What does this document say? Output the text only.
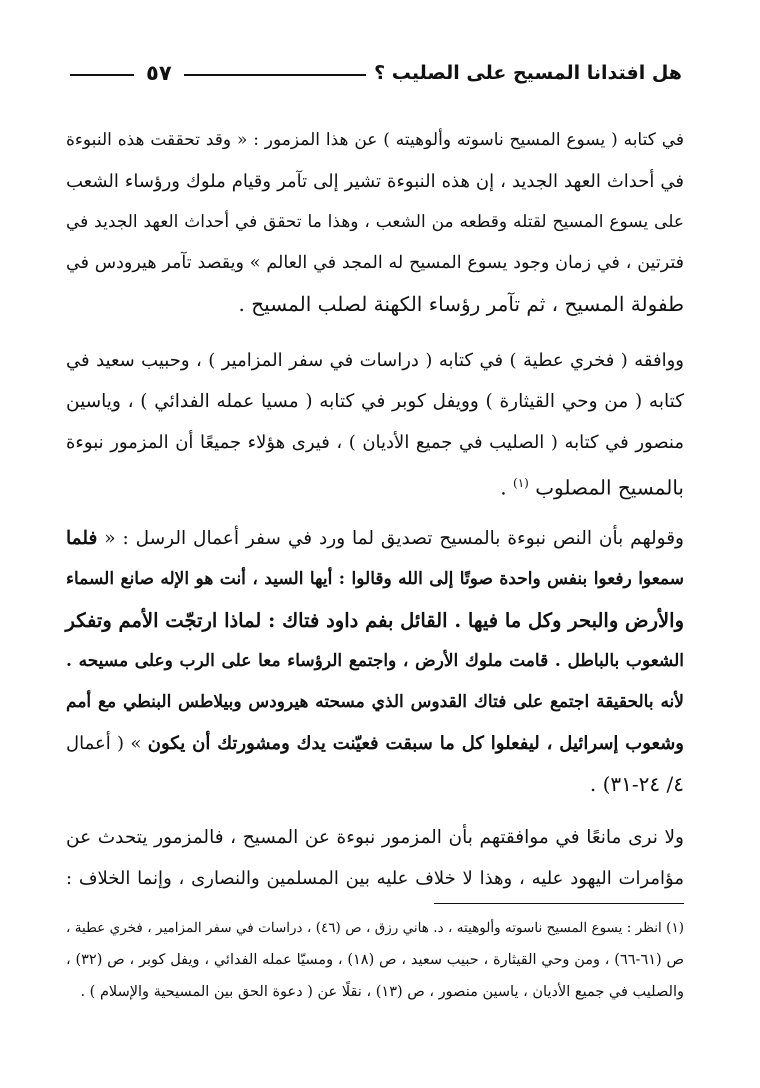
هل افتدانا المسيح على الصليب ؟
٥٧

في كتابه ( يسوع المسيح ناسوته وألوهيته ) عن هذا المزمور : « وقد تحققت هذه النبوءة
في أحداث العهد الجديد ، إن هذه النبوءة تشير إلى تآمر وقيام ملوك ورؤساء الشعب
على يسوع المسيح لقتله وقطعه من الشعب ، وهذا ما تحقق في أحداث العهد الجديد في
فترتين ، في زمان وجود يسوع المسيح له المجد في العالم » ويقصد تآمر هيرودس في
طفولة المسيح ، ثم تآمر رؤساء الكهنة لصلب المسيح .

ووافقه ( فخري عطية ) في كتابه ( دراسات في سفر المزامير ) ، وحبيب سعيد في
كتابه ( من وحي القيثارة ) وويفل كوبر في كتابه ( مسيا عمله الفدائي ) ، وياسين
منصور في كتابه ( الصليب في جميع الأديان ) ، فيرى هؤلاء جميعًا أن المزمور نبوءة
بالمسيح المصلوب $^{(١)}$ .

وقولهم بأن النص نبوءة بالمسيح تصديق لما ورد في سفر أعمال الرسل : « فلما
سمعوا رفعوا بنفس واحدة صوتًا إلى الله وقالوا : أيها السيد ، أنت هو الإله صانع السماء
والأرض والبحر وكل ما فيها . القائل بفم داود فتاك : لماذا ارتجّت الأمم وتفكر
الشعوب بالباطل . قامت ملوك الأرض ، واجتمع الرؤساء معا على الرب وعلى مسيحه .
لأنه بالحقيقة اجتمع على فتاك القدوس الذي مسحته هيرودس وبيلاطس البنطي مع أمم
وشعوب إسرائيل ، ليفعلوا كل ما سبقت فعيّنت يدك ومشورتك أن يكون » ( أعمال
٤/ ٢٤-٣١) .

ولا نرى مانعًا في موافقتهم بأن المزمور نبوءة عن المسيح ، فالمزمور يتحدث عن
مؤامرات اليهود عليه ، وهذا لا خلاف عليه بين المسلمين والنصارى ، وإنما الخلاف :

(١) انظر : يسوع المسيح ناسوته وألوهيته ، د. هاني رزق ، ص (٤٦) ، دراسات في سفر المزامير ، فخري عطية ،
ص (٦١-٦٦) ، ومن وحي القيثارة ، حبيب سعيد ، ص (١٨) ، ومسيّا عمله الفدائي ، ويفل كوبر ، ص (٣٢) ،
والصليب في جميع الأديان ، ياسين منصور ، ص (١٣) ، نقلًا عن ( دعوة الحق بين المسيحية والإسلام ) .
